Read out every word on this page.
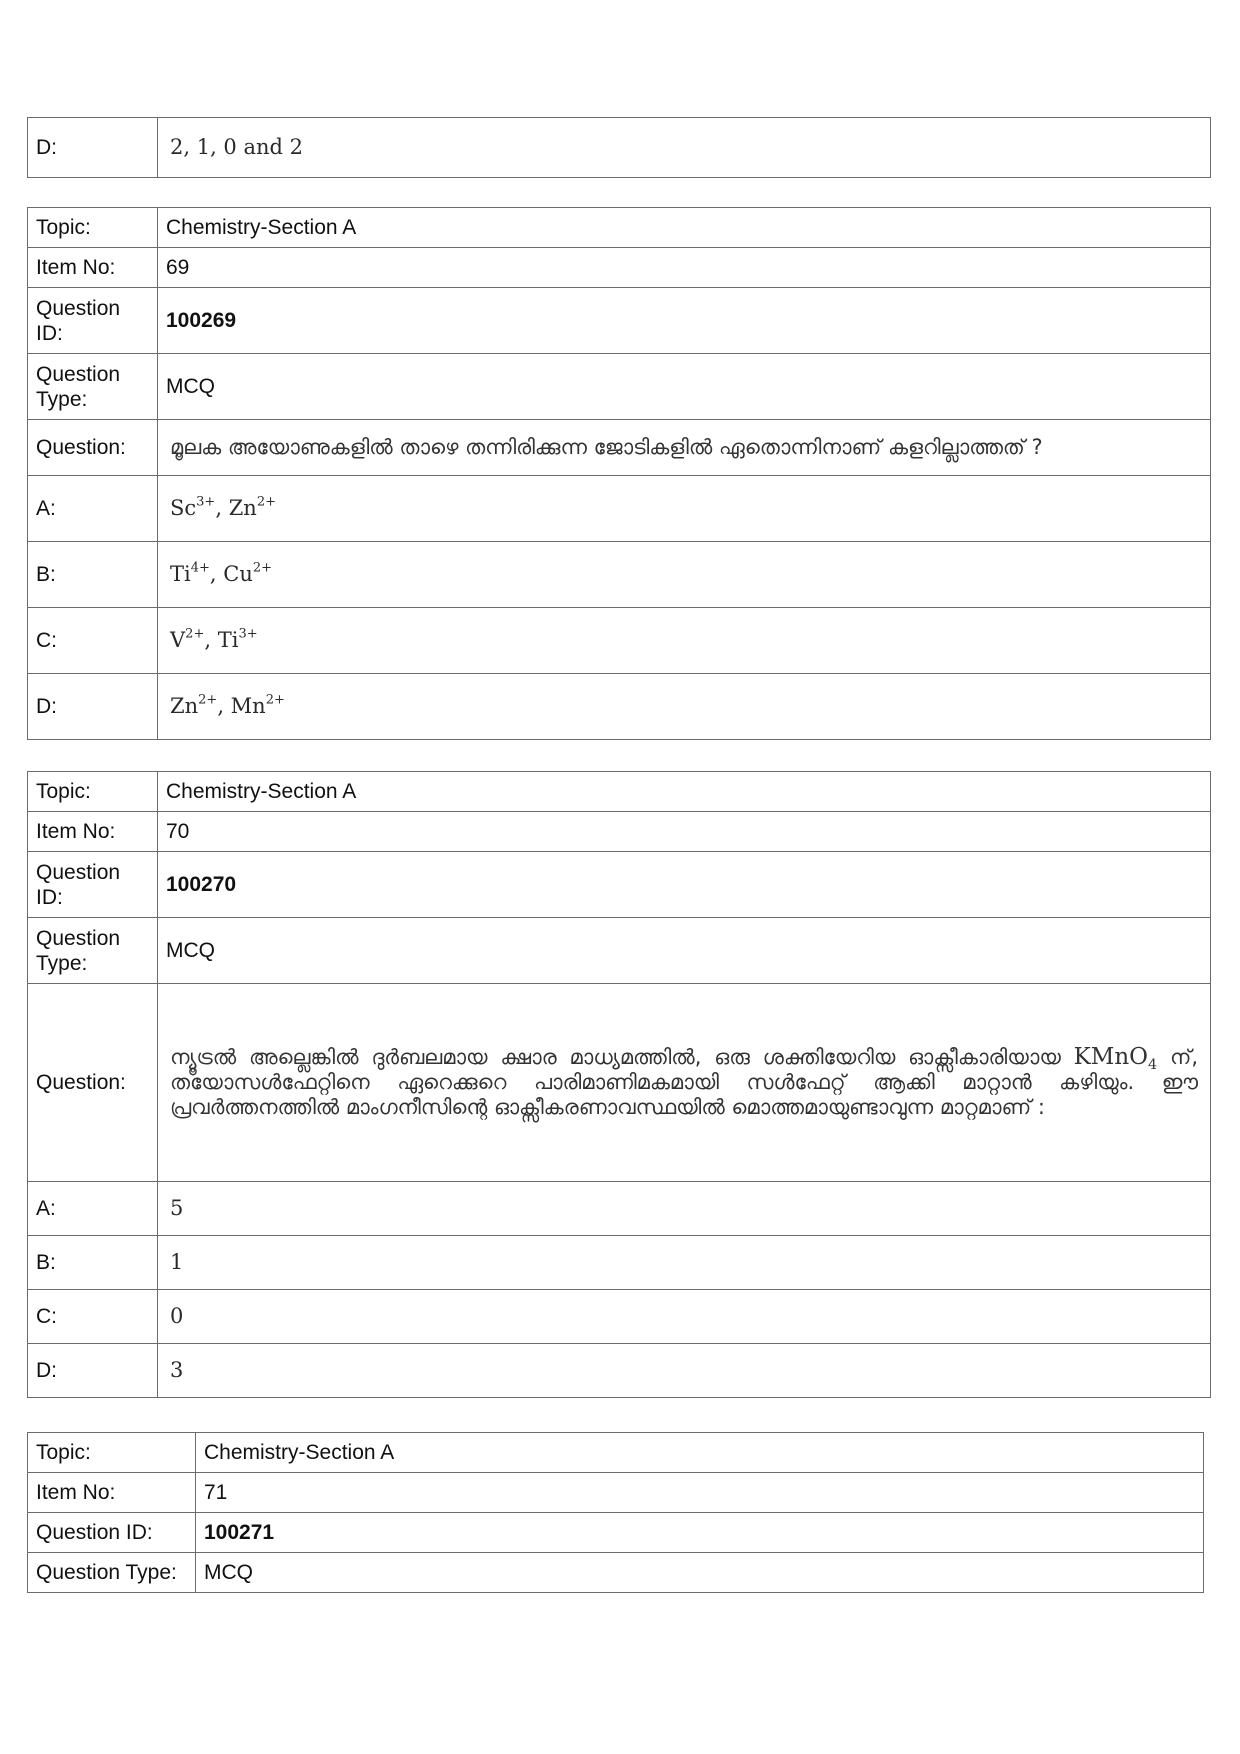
D:	2, 1, 0 and 2
Topic:	Chemistry-Section A
Item No:	69
Question ID:	100269
Question Type:	MCQ
Question:	മൂലക അയോണുകളിൽ താഴെ തന്നിരിക്കുന്ന ജോടികളിൽ ഏതൊന്നിനാണ് കളറില്ലാത്തത് ?
A:	$Sc^{3+}$, $Zn^{2+}$
B:	$Ti^{4+}$, $Cu^{2+}$
C:	$V^{2+}$, $Ti^{3+}$
D:	$Zn^{2+}$, $Mn^{2+}$
Topic:	Chemistry-Section A
Item No:	70
Question ID:	100270
Question Type:	MCQ
Question:	ന്യൂട്രൽ അല്ലെങ്കിൽ ദുർബലമായ ക്ഷാര മാധ്യമത്തിൽ, ഒരു ശക്തിയേറിയ ഓക്സീകാരിയായ KMnO$_4$ ന്, തയോസൾഫേറ്റിനെ ഏറെക്കുറെ പാരിമാണിമകമായി സൾഫേറ്റ് ആക്കി മാറ്റാൻ കഴിയും. ഈ പ്രവർത്തനത്തിൽ മാംഗനീസിന്റെ ഓക്സീകരണാവസ്ഥയിൽ മൊത്തമായുണ്ടാവുന്ന മാറ്റമാണ് :
A:	5
B:	1
C:	0
D:	3
Topic:	Chemistry-Section A
Item No:	71
Question ID:	100271
Question Type:	MCQ
